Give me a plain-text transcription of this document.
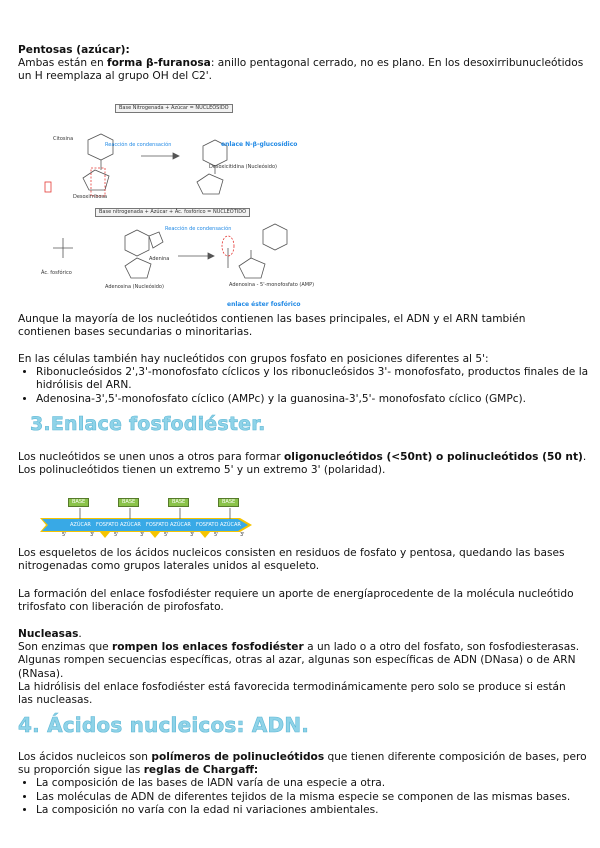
Pentosas (azúcar):

Ambas están en forma β-furanosa: anillo pentagonal cerrado, no es plano. En los desoxirribunucleótidos

un H reemplaza al grupo OH del C2'.

Base Nitrogenada + Azúcar = NUCLEÓSIDO
Reacción de condensación	enlace N-β-glucosídico
Citosina
Desoxirribosa
Ác. fosfórico
Adenosina (Nucleósido)
Adenina
Desoxicitidina (Nucleósido)
Adenosina - 5'-monofosfato (AMP)
Base nitrogenada + Azúcar + Ác. fosfórico = NUCLEÓTIDO
Reacción de condensación
enlace éster fosfórico

Aunque la mayoría de los nucleótidos contienen las bases principales, el ADN y el ARN también

contienen bases secundarias o minoritarias.

En las células también hay nucleótidos con grupos fosfato en posiciones diferentes al 5':

• Ribonucleósidos 2',3'-monofosfato cíclicos y los ribonucleósidos 3'- monofosfato, productos finales de la hidrólisis del ARN.
• Adenosina-3',5'-monofosfato cíclico (AMPc) y la guanosina-3',5'- monofosfato cíclico (GMPc).
3.Enlace fosfodiéster.

Los nucleótidos se unen unos a otros para formar oligonucleótidos (<50nt) o polinucleótidos (50 nt).

Los polinucleótidos tienen un extremo 5' y un extremo 3' (polaridad).

BASE	BASE	BASE	BASE
AZÚCAR FOSFATO AZÚCAR FOSFATO AZÚCAR FOSFATO AZÚCAR
5'	3'	5'	3'	5'	3'	5'	3'

Los esqueletos de los ácidos nucleicos consisten en residuos de fosfato y pentosa, quedando las bases

nitrogenadas como grupos laterales unidos al esqueleto.

La formación del enlace fosfodiéster requiere un aporte de energíaprocedente de la molécula nucleótido

trifosfato con liberación de pirofosfato.

Nucleasas.

Son enzimas que rompen los enlaces fosfodiéster a un lado o a otro del fosfato, son fosfodiesterasas.

Algunas rompen secuencias específicas, otras al azar, algunas son específicas de ADN (DNasa) o de ARN

(RNasa).

La hidrólisis del enlace fosfodiéster está favorecida termodinámicamente pero solo se produce si están

las nucleasas.

4. Ácidos nucleicos: ADN.

Los ácidos nucleicos son polímeros de polinucleótidos que tienen diferente composición de bases, pero

su proporción sigue las reglas de Chargaff:

• La composición de las bases de lADN varía de una especie a otra.
• Las moléculas de ADN de diferentes tejidos de la misma especie se componen de las mismas bases.
• La composición no varía con la edad ni variaciones ambientales.
